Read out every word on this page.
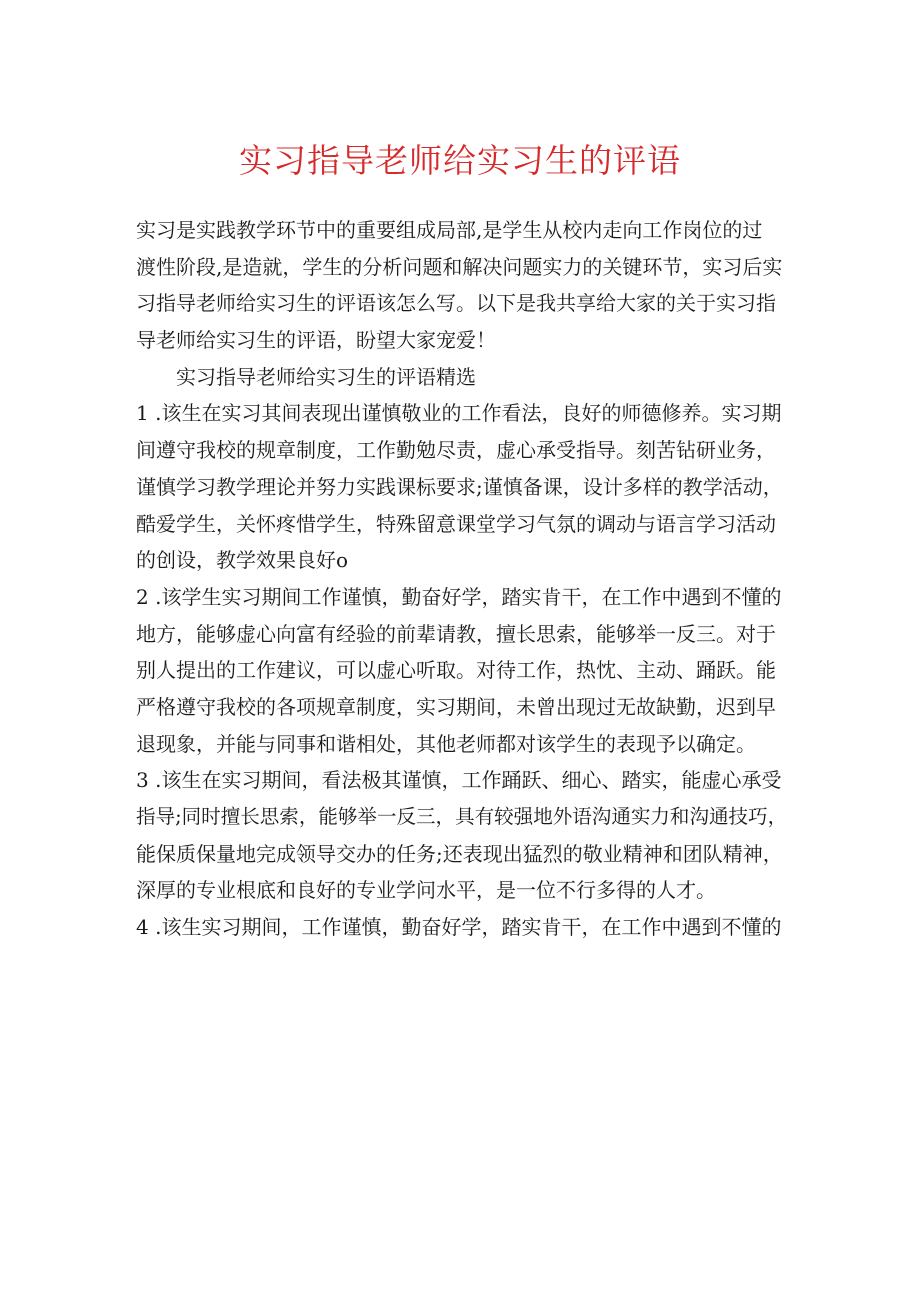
实习指导老师给实习生的评语

实习是实践教学环节中的重要组成局部,是学生从校内走向工作岗位的过

渡性阶段,是造就，学生的分析问题和解决问题实力的关键环节，实习后实

习指导老师给实习生的评语该怎么写。以下是我共享给大家的关于实习指

导老师给实习生的评语，盼望大家宠爱！

实习指导老师给实习生的评语精选

1 .该生在实习其间表现出谨慎敬业的工作看法，良好的师德修养。实习期

间遵守我校的规章制度，工作勤勉尽责，虚心承受指导。刻苦钻研业务，

谨慎学习教学理论并努力实践课标要求;谨慎备课，设计多样的教学活动，

酷爱学生，关怀疼惜学生，特殊留意课堂学习气氛的调动与语言学习活动

的创设，教学效果良好o

2 .该学生实习期间工作谨慎，勤奋好学，踏实肯干，在工作中遇到不懂的

地方，能够虚心向富有经验的前辈请教，擅长思索，能够举一反三。对于

别人提出的工作建议，可以虚心听取。对待工作，热忱、主动、踊跃。能

严格遵守我校的各项规章制度，实习期间，未曾出现过无故缺勤，迟到早

退现象，并能与同事和谐相处，其他老师都对该学生的表现予以确定。

3 .该生在实习期间，看法极其谨慎，工作踊跃、细心、踏实，能虚心承受

指导;同时擅长思索，能够举一反三，具有较强地外语沟通实力和沟通技巧，

能保质保量地完成领导交办的任务;还表现出猛烈的敬业精神和团队精神，

深厚的专业根底和良好的专业学问水平，是一位不行多得的人才。

4 .该生实习期间，工作谨慎，勤奋好学，踏实肯干，在工作中遇到不懂的
